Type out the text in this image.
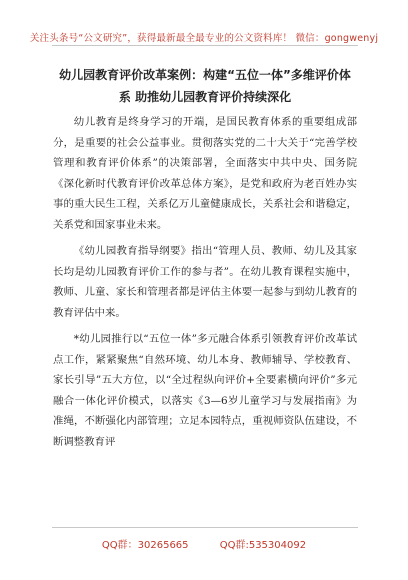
关注头条号“公文研究”，获得最新最全最专业的公文资料库！ 微信：gongwenyj
幼儿园教育评价改革案例：构建“五位一体”多维评价体
系 助推幼儿园教育评价持续深化

幼儿教育是终身学习的开端，是国民教育体系的重要组成部分，是重要的社会公益事业。贯彻落实党的二十大关于“完善学校管理和教育评价体系”的决策部署，全面落实中共中央、国务院《深化新时代教育评价改革总体方案》，是党和政府为老百姓办实事的重大民生工程，关系亿万儿童健康成长，关系社会和谐稳定，关系党和国家事业未来。

《幼儿园教育指导纲要》指出“管理人员、教师、幼儿及其家长均是幼儿园教育评价工作的参与者”。在幼儿教育课程实施中，教师、儿童、家长和管理者都是评估主体要一起参与到幼儿教育的教育评估中来。

*幼儿园推行以“五位一体”多元融合体系引领教育评价改革试点工作，紧紧聚焦“自然环境、幼儿本身、教师辅导、学校教育、家长引导”五大方位，以“全过程纵向评价+全要素横向评价”多元融合一体化评价模式，以落实《3—6岁儿童学习与发展指南》为准绳，不断强化内部管理；立足本园特点，重视师资队伍建设，不断调整教育评

QQ群：30265665	QQ群:535304092
